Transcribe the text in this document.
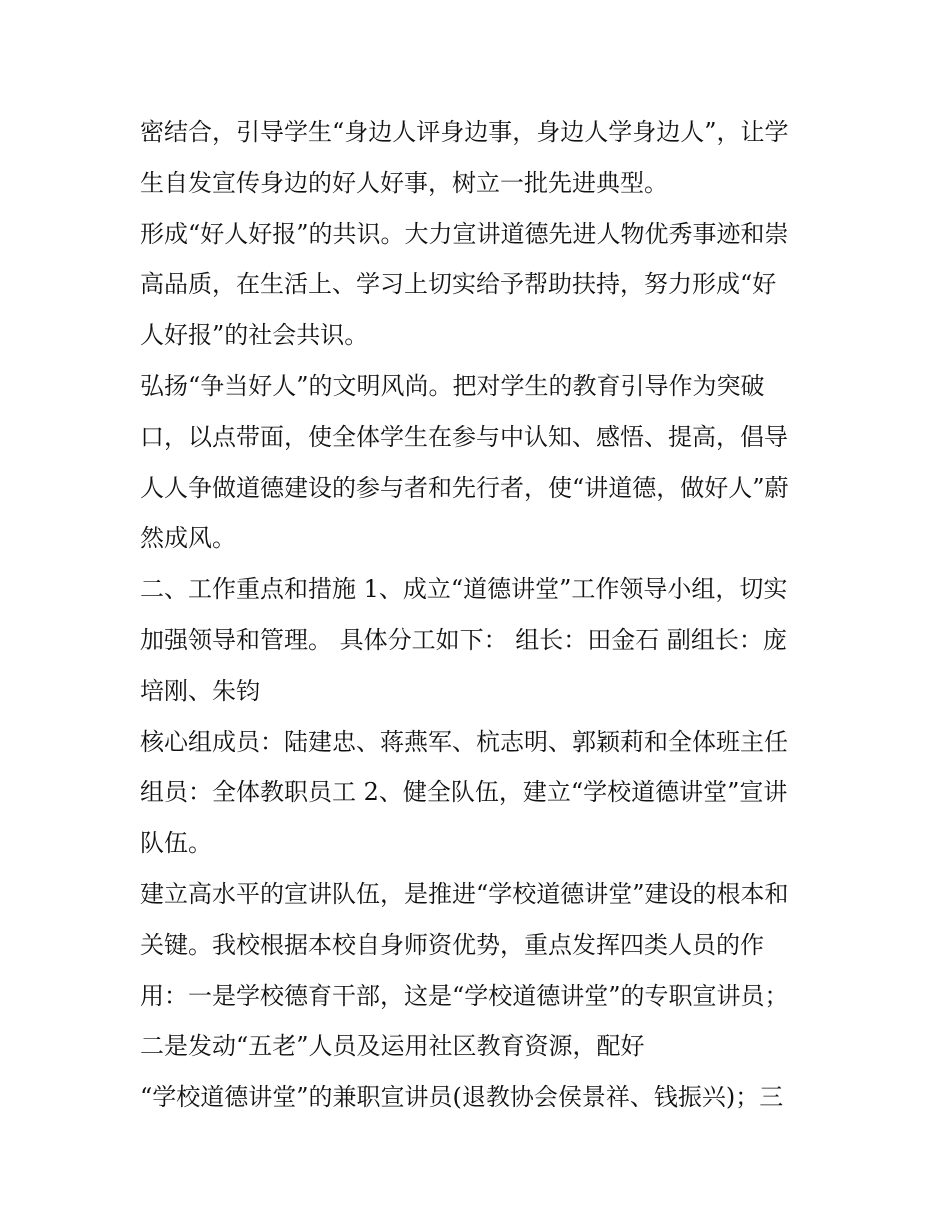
密结合，引导学生“身边人评身边事，身边人学身边人”，让学
生自发宣传身边的好人好事，树立一批先进典型。
形成“好人好报”的共识。大力宣讲道德先进人物优秀事迹和崇
高品质，在生活上、学习上切实给予帮助扶持，努力形成“好
人好报”的社会共识。
弘扬“争当好人”的文明风尚。把对学生的教育引导作为突破
口，以点带面，使全体学生在参与中认知、感悟、提高，倡导
人人争做道德建设的参与者和先行者，使“讲道德，做好人”蔚
然成风。
二、工作重点和措施 1、成立“道德讲堂”工作领导小组，切实
加强领导和管理。 具体分工如下： 组长：田金石 副组长：庞
培刚、朱钧
核心组成员：陆建忠、蒋燕军、杭志明、郭颖莉和全体班主任
组员：全体教职员工 2、健全队伍，建立“学校道德讲堂”宣讲
队伍。
建立高水平的宣讲队伍，是推进“学校道德讲堂”建设的根本和
关键。我校根据本校自身师资优势，重点发挥四类人员的作
用：一是学校德育干部，这是“学校道德讲堂”的专职宣讲员；
二是发动“五老”人员及运用社区教育资源，配好
“学校道德讲堂”的兼职宣讲员(退教协会侯景祥、钱振兴)；三
